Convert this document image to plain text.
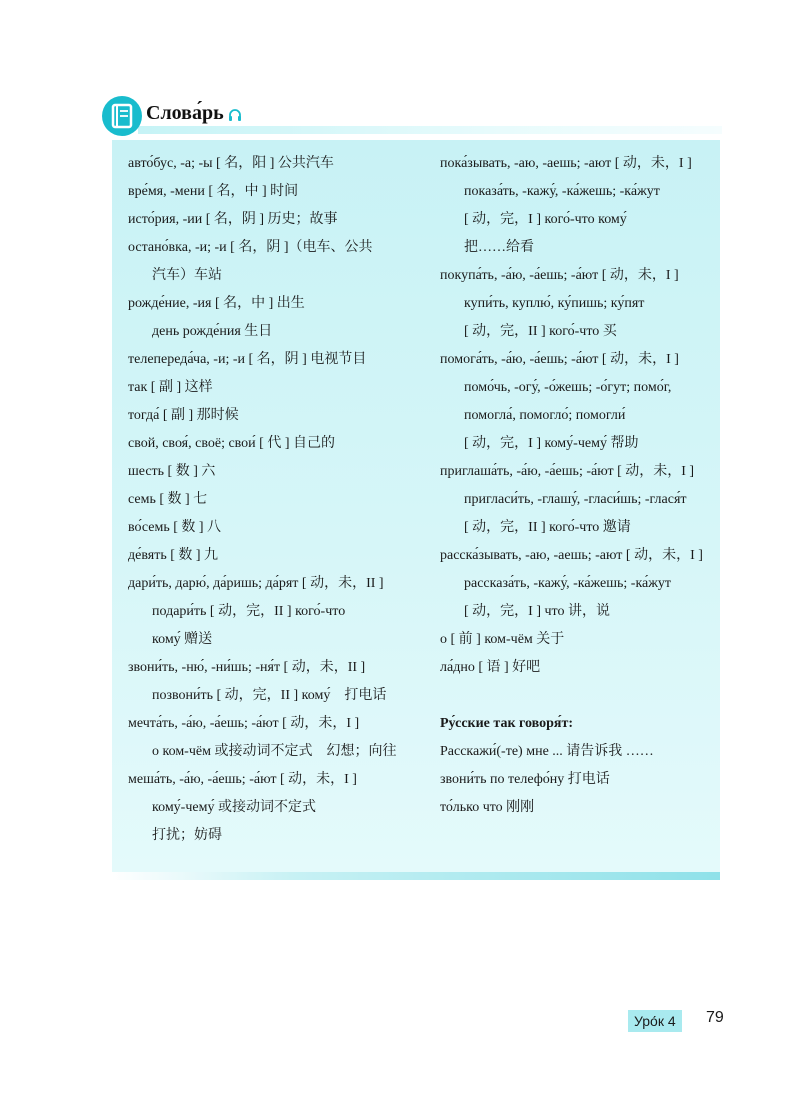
Слова́рь
авто́бус, -а; -ы [ 名，阳 ] 公共汽车
вре́мя, -мени [ 名，中 ] 时间
исто́рия, -ии [ 名，阴 ] 历史；故事
остано́вка, -и; -и [ 名，阴 ]（电车、公共
汽车）车站
рожде́ние, -ия [ 名，中 ] 出生
день рожде́ния 生日
телепереда́ча, -и; -и [ 名，阴 ] 电视节目
так [ 副 ] 这样
тогда́ [ 副 ] 那时候
свой, своя́, своё; свои́ [ 代 ] 自己的
шесть [ 数 ] 六
семь [ 数 ] 七
во́семь [ 数 ] 八
де́вять [ 数 ] 九
дари́ть, дарю́, да́ришь; да́рят [ 动，未，II ]
подари́ть [ 动，完，II ] кого́-что
кому́ 赠送
звони́ть, -ню́, -ни́шь; -ня́т [ 动，未，II ]
позвони́ть [ 动，完，II ] кому́　打电话
мечта́ть, -а́ю, -а́ешь; -а́ют [ 动，未，I ]
о ком-чём 或接动词不定式　幻想；向往
меша́ть, -а́ю, -а́ешь; -а́ют [ 动，未，I ]
кому́-чему́ 或接动词不定式
打扰；妨碍
пока́зывать, -аю, -аешь; -ают [ 动，未，I ]
показа́ть, -кажу́, -ка́жешь; -ка́жут
[ 动，完，I ] кого́-что кому́
把……给看
покупа́ть, -а́ю, -а́ешь; -а́ют [ 动，未，I ]
купи́ть, куплю́, ку́пишь; ку́пят
[ 动，完，II ] кого́-что 买
помога́ть, -а́ю, -а́ешь; -а́ют [ 动，未，I ]
помо́чь, -огу́, -о́жешь; -о́гут; помо́г,
помогла́, помогло́; помогли́
[ 动，完，I ] кому́-чему́ 帮助
приглаша́ть, -а́ю, -а́ешь; -а́ют [ 动，未，I ]
пригласи́ть, -глашу́, -гласи́шь; -глася́т
[ 动，完，II ] кого́-что 邀请
расска́зывать, -аю, -аешь; -ают [ 动，未，I ]
рассказа́ть, -кажу́, -ка́жешь; -ка́жут
[ 动，完，I ] что 讲，说
о [ 前 ] ком-чём 关于
ла́дно [ 语 ] 好吧
Ру́сские так говоря́т:
Расскажи́(-те) мне ... 请告诉我 ……
звони́ть по телефо́ну 打电话
то́лько что 刚刚
Уро́к 4	79
